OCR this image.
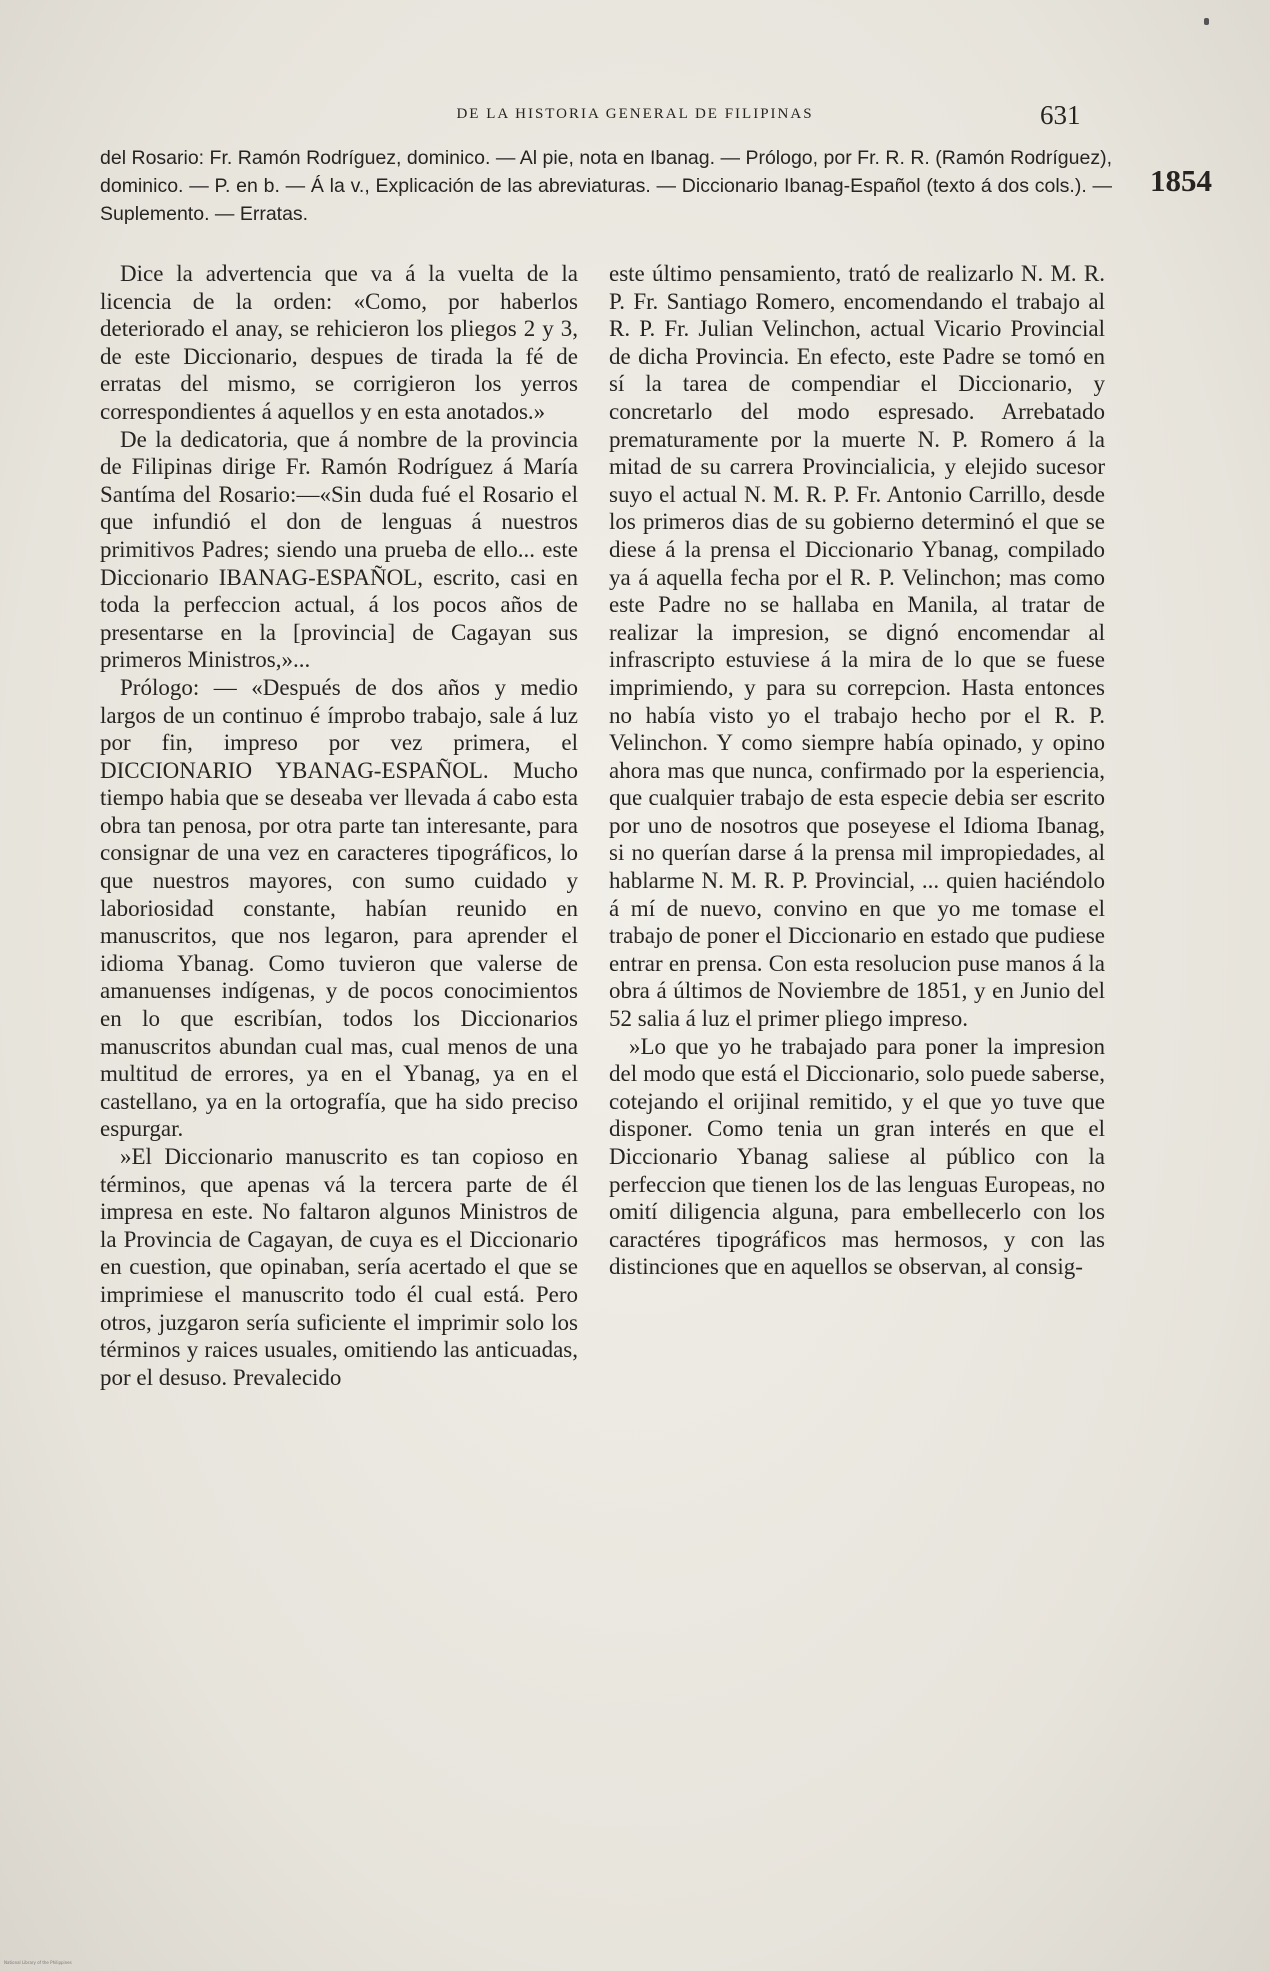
DE LA HISTORIA GENERAL DE FILIPINAS	631
1854
del Rosario: Fr. Ramón Rodríguez, dominico. — Al pie, nota en Ibanag. — Prólogo, por Fr. R. R. (Ramón Rodríguez), dominico. — P. en b. — Á la v., Explicación de las abreviaturas. — Diccionario Ibanag-Español (texto á dos cols.). — Suplemento. — Erratas.

Dice la advertencia que va á la vuelta de la licencia de la orden: «Como, por haberlos deteriorado el anay, se rehicieron los pliegos 2 y 3, de este Diccionario, despues de tirada la fé de erratas del mismo, se corrigieron los yerros correspondientes á aquellos y en esta anotados.»

De la dedicatoria, que á nombre de la provincia de Filipinas dirige Fr. Ramón Rodríguez á María Santíma del Rosario:—«Sin duda fué el Rosario el que infundió el don de lenguas á nuestros primitivos Padres; siendo una prueba de ello... este Diccionario IBANAG-ESPAÑOL, escrito, casi en toda la perfeccion actual, á los pocos años de presentarse en la [provincia] de Cagayan sus primeros Ministros,»...

Prólogo: — «Después de dos años y medio largos de un continuo é ímprobo trabajo, sale á luz por fin, impreso por vez primera, el DICCIONARIO YBANAG-ESPAÑOL. Mucho tiempo habia que se deseaba ver llevada á cabo esta obra tan penosa, por otra parte tan interesante, para consignar de una vez en caracteres tipográficos, lo que nuestros mayores, con sumo cuidado y laboriosidad constante, habían reunido en manuscritos, que nos legaron, para aprender el idioma Ybanag. Como tuvieron que valerse de amanuenses indígenas, y de pocos conocimientos en lo que escribían, todos los Diccionarios manuscritos abundan cual mas, cual menos de una multitud de errores, ya en el Ybanag, ya en el castellano, ya en la ortografía, que ha sido preciso espurgar.

»El Diccionario manuscrito es tan copioso en términos, que apenas vá la tercera parte de él impresa en este. No faltaron algunos Ministros de la Provincia de Cagayan, de cuya es el Diccionario en cuestion, que opinaban, sería acertado el que se imprimiese el manuscrito todo él cual está. Pero otros, juzgaron sería suficiente el imprimir solo los términos y raices usuales, omitiendo las anticuadas, por el desuso. Prevalecido

este último pensamiento, trató de realizarlo N. M. R. P. Fr. Santiago Romero, encomendando el trabajo al R. P. Fr. Julian Velinchon, actual Vicario Provincial de dicha Provincia. En efecto, este Padre se tomó en sí la tarea de compendiar el Diccionario, y concretarlo del modo espresado. Arrebatado prematuramente por la muerte N. P. Romero á la mitad de su carrera Provincialicia, y elejido sucesor suyo el actual N. M. R. P. Fr. Antonio Carrillo, desde los primeros dias de su gobierno determinó el que se diese á la prensa el Diccionario Ybanag, compilado ya á aquella fecha por el R. P. Velinchon; mas como este Padre no se hallaba en Manila, al tratar de realizar la impresion, se dignó encomendar al infrascripto estuviese á la mira de lo que se fuese imprimiendo, y para su correpcion. Hasta entonces no había visto yo el trabajo hecho por el R. P. Velinchon. Y como siempre había opinado, y opino ahora mas que nunca, confirmado por la esperiencia, que cualquier trabajo de esta especie debia ser escrito por uno de nosotros que poseyese el Idioma Ibanag, si no querían darse á la prensa mil impropiedades, al hablarme N. M. R. P. Provincial, ... quien haciéndolo á mí de nuevo, convino en que yo me tomase el trabajo de poner el Diccionario en estado que pudiese entrar en prensa. Con esta resolucion puse manos á la obra á últimos de Noviembre de 1851, y en Junio del 52 salia á luz el primer pliego impreso.

»Lo que yo he trabajado para poner la impresion del modo que está el Diccionario, solo puede saberse, cotejando el orijinal remitido, y el que yo tuve que disponer. Como tenia un gran interés en que el Diccionario Ybanag saliese al público con la perfeccion que tienen los de las lenguas Europeas, no omití diligencia alguna, para embellecerlo con los caractéres tipográficos mas hermosos, y con las distinciones que en aquellos se observan, al consig-

National Library of the Philippines
